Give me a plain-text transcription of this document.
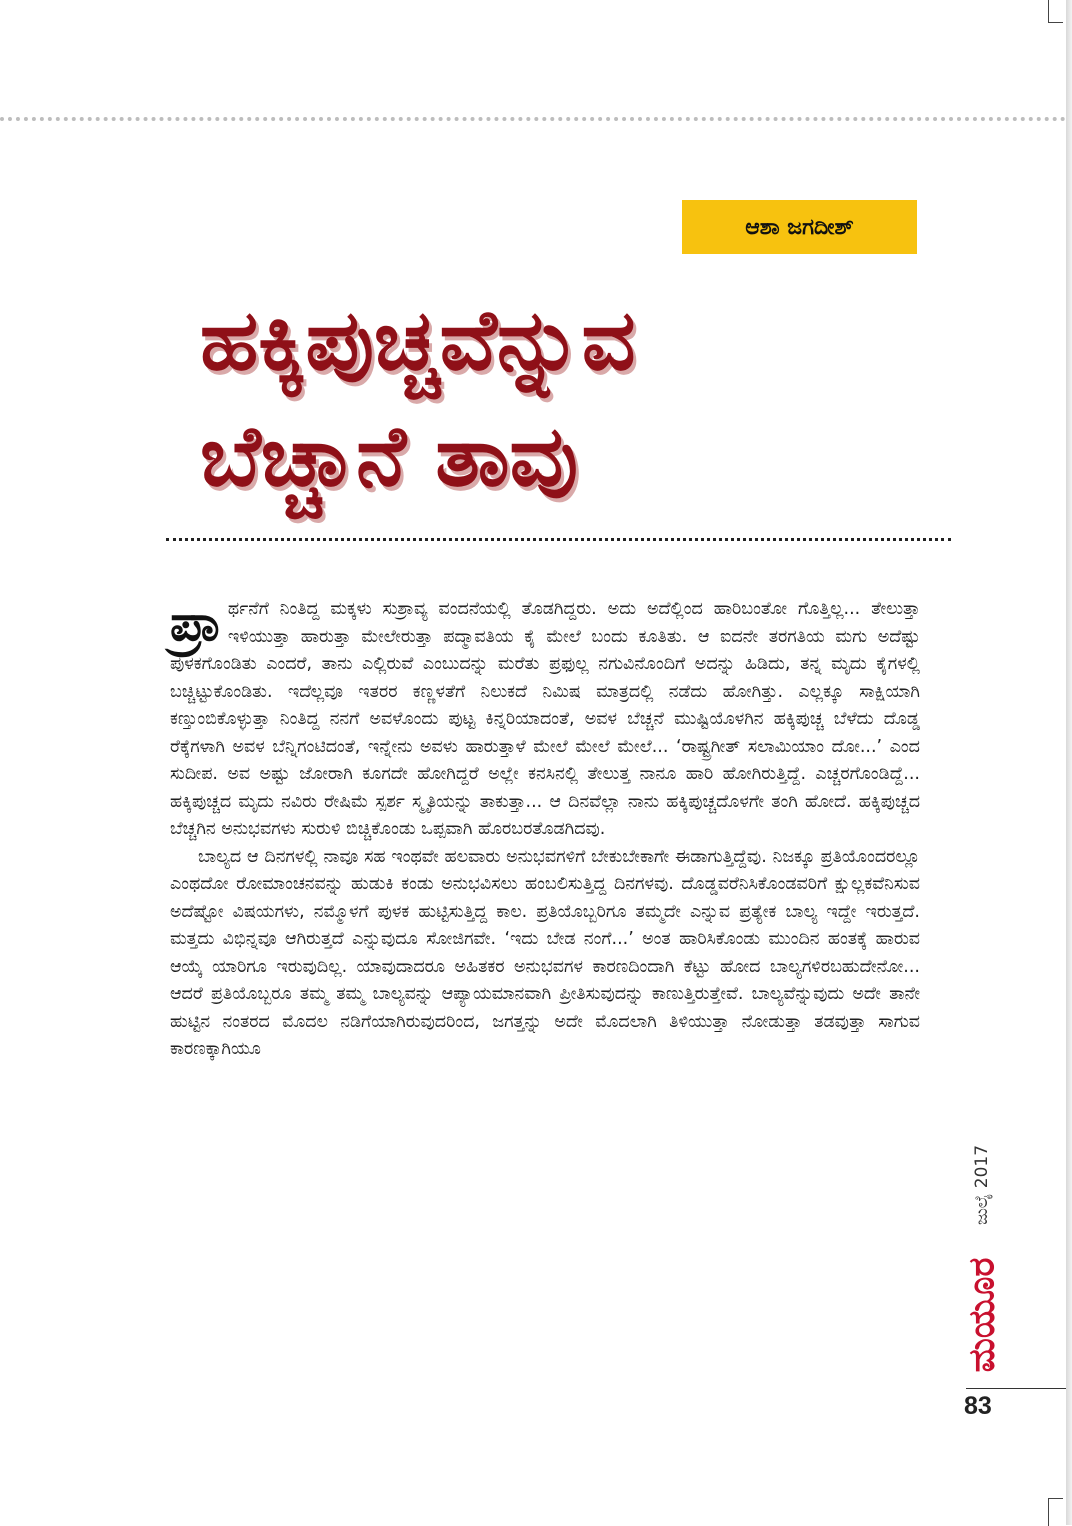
ಆಶಾ ಜಗದೀಶ್
ಹಕ್ಕಿಪುಚ್ಚವೆನ್ನುವ
ಬೆಚ್ಚಾನೆ ತಾವು

ಪ್ರಾ ರ್ಥನೆಗೆ ನಿಂತಿದ್ದ ಮಕ್ಕಳು ಸುಶ್ರಾವ್ಯ ವಂದನೆಯಲ್ಲಿ ತೊಡಗಿದ್ದರು. ಅದು ಅದೆಲ್ಲಿಂದ ಹಾರಿಬಂತೋ ಗೊತ್ತಿಲ್ಲ... ತೇಲುತ್ತಾ ಇಳಿಯುತ್ತಾ ಹಾರುತ್ತಾ ಮೇಲೇರುತ್ತಾ ಪದ್ಮಾವತಿಯ ಕೈ ಮೇಲೆ ಬಂದು ಕೂತಿತು. ಆ ಐದನೇ ತರಗತಿಯ ಮಗು ಅದೆಷ್ಟು ಪುಳಕಗೊಂಡಿತು ಎಂದರೆ, ತಾನು ಎಲ್ಲಿರುವೆ ಎಂಬುದನ್ನು ಮರೆತು ಪ್ರಫುಲ್ಲ ನಗುವಿನೊಂದಿಗೆ ಅದನ್ನು ಹಿಡಿದು, ತನ್ನ ಮೃದು ಕೈಗಳಲ್ಲಿ ಬಚ್ಚಿಟ್ಟುಕೊಂಡಿತು. ಇದೆಲ್ಲವೂ ಇತರರ ಕಣ್ಣಳತೆಗೆ ನಿಲುಕದೆ ನಿಮಿಷ ಮಾತ್ರದಲ್ಲಿ ನಡೆದು ಹೋಗಿತ್ತು. ಎಲ್ಲಕ್ಕೂ ಸಾಕ್ಷಿಯಾಗಿ ಕಣ್ತುಂಬಿಕೊಳ್ಳುತ್ತಾ ನಿಂತಿದ್ದ ನನಗೆ ಅವಳೊಂದು ಪುಟ್ಟ ಕಿನ್ನರಿಯಾದಂತೆ, ಅವಳ ಬೆಚ್ಚನೆ ಮುಷ್ಟಿಯೊಳಗಿನ ಹಕ್ಕಿಪುಚ್ಚ ಬೆಳೆದು ದೊಡ್ಡ ರೆಕ್ಕೆಗಳಾಗಿ ಅವಳ ಬೆನ್ನಿಗಂಟಿದಂತೆ, ಇನ್ನೇನು ಅವಳು ಹಾರುತ್ತಾಳೆ ಮೇಲೆ ಮೇಲೆ ಮೇಲೆ... ‘ರಾಷ್ಟ್ರಗೀತ್ ಸಲಾಮಿಯಾಂ ದೋ...’ ಎಂದ ಸುದೀಪ. ಅವ ಅಷ್ಟು ಜೋರಾಗಿ ಕೂಗದೇ ಹೋಗಿದ್ದರೆ ಅಲ್ಲೇ ಕನಸಿನಲ್ಲಿ ತೇಲುತ್ತ ನಾನೂ ಹಾರಿ ಹೋಗಿರುತ್ತಿದ್ದೆ. ಎಚ್ಚರಗೊಂಡಿದ್ದೆ... ಹಕ್ಕಿಪುಚ್ಚದ ಮೃದು ನವಿರು ರೇಷಿಮೆ ಸ್ಪರ್ಶ ಸ್ಮೃತಿಯನ್ನು ತಾಕುತ್ತಾ... ಆ ದಿನವೆಲ್ಲಾ ನಾನು ಹಕ್ಕಿಪುಚ್ಚದೊಳಗೇ ತಂಗಿ ಹೋದೆ. ಹಕ್ಕಿಪುಚ್ಚದ ಬೆಚ್ಚಗಿನ ಅನುಭವಗಳು ಸುರುಳಿ ಬಿಚ್ಚಿಕೊಂಡು ಒಪ್ಪವಾಗಿ ಹೊರಬರತೊಡಗಿದವು.

ಬಾಲ್ಯದ ಆ ದಿನಗಳಲ್ಲಿ ನಾವೂ ಸಹ ಇಂಥವೇ ಹಲವಾರು ಅನುಭವಗಳಿಗೆ ಬೇಕುಬೇಕಾಗೇ ಈಡಾಗುತ್ತಿದ್ದೆವು. ನಿಜಕ್ಕೂ ಪ್ರತಿಯೊಂದರಲ್ಲೂ ಎಂಥದೋ ರೋಮಾಂಚನವನ್ನು ಹುಡುಕಿ ಕಂಡು ಅನುಭವಿಸಲು ಹಂಬಲಿಸುತ್ತಿದ್ದ ದಿನಗಳವು. ದೊಡ್ಡವರೆನಿಸಿಕೊಂಡವರಿಗೆ ಕ್ಷುಲ್ಲಕವೆನಿಸುವ ಅದೆಷ್ಟೋ ವಿಷಯಗಳು, ನಮ್ಮೊಳಗೆ ಪುಳಕ ಹುಟ್ಟಿಸುತ್ತಿದ್ದ ಕಾಲ. ಪ್ರತಿಯೊಬ್ಬರಿಗೂ ತಮ್ಮದೇ ಎನ್ನುವ ಪ್ರತ್ಯೇಕ ಬಾಲ್ಯ ಇದ್ದೇ ಇರುತ್ತದೆ. ಮತ್ತದು ವಿಭಿನ್ನವೂ ಆಗಿರುತ್ತದೆ ಎನ್ನುವುದೂ ಸೋಜಿಗವೇ. ‘ಇದು ಬೇಡ ನಂಗೆ...’ ಅಂತ ಹಾರಿಸಿಕೊಂಡು ಮುಂದಿನ ಹಂತಕ್ಕೆ ಹಾರುವ ಆಯ್ಕೆ ಯಾರಿಗೂ ಇರುವುದಿಲ್ಲ. ಯಾವುದಾದರೂ ಅಹಿತಕರ ಅನುಭವಗಳ ಕಾರಣದಿಂದಾಗಿ ಕೆಟ್ಟು ಹೋದ ಬಾಲ್ಯಗಳಿರಬಹುದೇನೋ... ಆದರೆ ಪ್ರತಿಯೊಬ್ಬರೂ ತಮ್ಮ ತಮ್ಮ ಬಾಲ್ಯವನ್ನು ಆಪ್ಯಾಯಮಾನವಾಗಿ ಪ್ರೀತಿಸುವುದನ್ನು ಕಾಣುತ್ತಿರುತ್ತೇವೆ. ಬಾಲ್ಯವೆನ್ನುವುದು ಅದೇ ತಾನೇ ಹುಟ್ಟಿನ ನಂತರದ ಮೊದಲ ನಡಿಗೆಯಾಗಿರುವುದರಿಂದ, ಜಗತ್ತನ್ನು ಅದೇ ಮೊದಲಾಗಿ ತಿಳಿಯುತ್ತಾ ನೋಡುತ್ತಾ ತಡವುತ್ತಾ ಸಾಗುವ ಕಾರಣಕ್ಕಾಗಿಯೂ

ಜುಲೈ 2017
ಮಯೂರ
83
